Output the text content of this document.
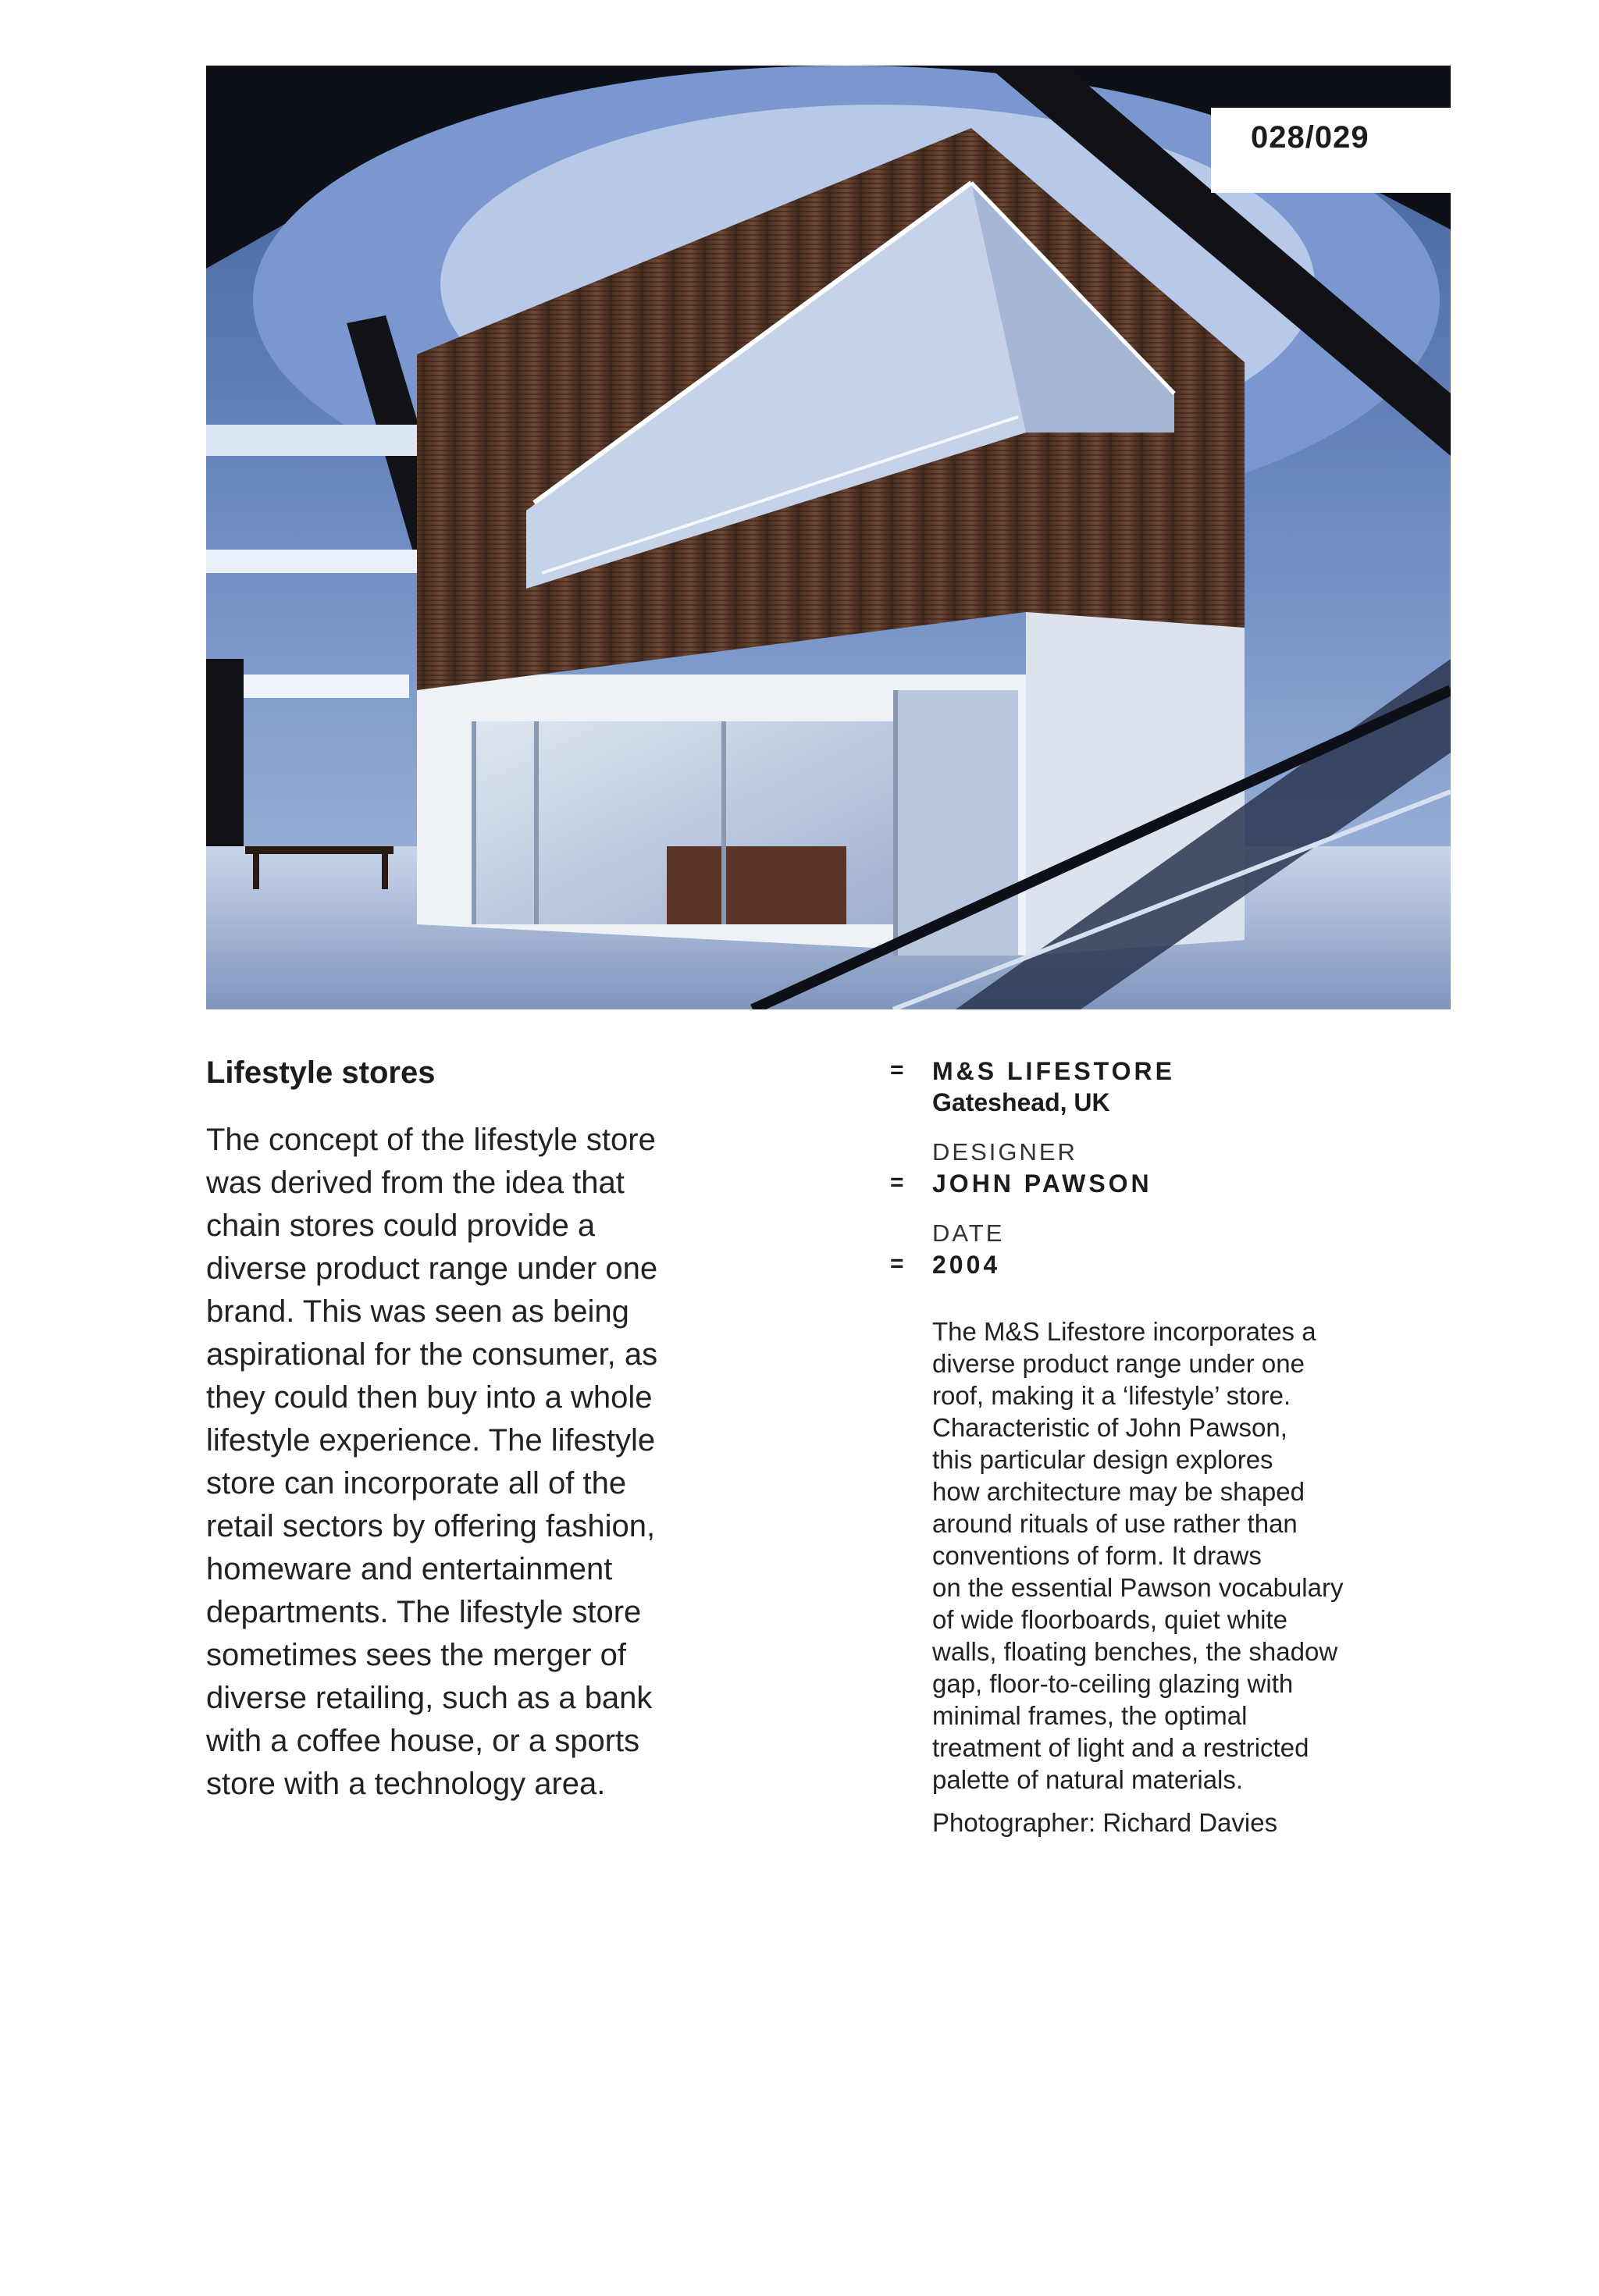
028/029
Lifestyle stores
The concept of the lifestyle store
was derived from the idea that
chain stores could provide a
diverse product range under one
brand. This was seen as being
aspirational for the consumer, as
they could then buy into a whole
lifestyle experience. The lifestyle
store can incorporate all of the
retail sectors by offering fashion,
homeware and entertainment
departments. The lifestyle store
sometimes sees the merger of
diverse retailing, such as a bank
with a coffee house, or a sports
store with a technology area.
= M&S LIFESTORE
Gateshead, UK
DESIGNER
= JOHN PAWSON
DATE
= 2004
The M&S Lifestore incorporates a
diverse product range under one
roof, making it a ‘lifestyle’ store.
Characteristic of John Pawson,
this particular design explores
how architecture may be shaped
around rituals of use rather than
conventions of form. It draws
on the essential Pawson vocabulary
of wide floorboards, quiet white
walls, floating benches, the shadow
gap, floor-to-ceiling glazing with
minimal frames, the optimal
treatment of light and a restricted
palette of natural materials.
Photographer: Richard Davies
